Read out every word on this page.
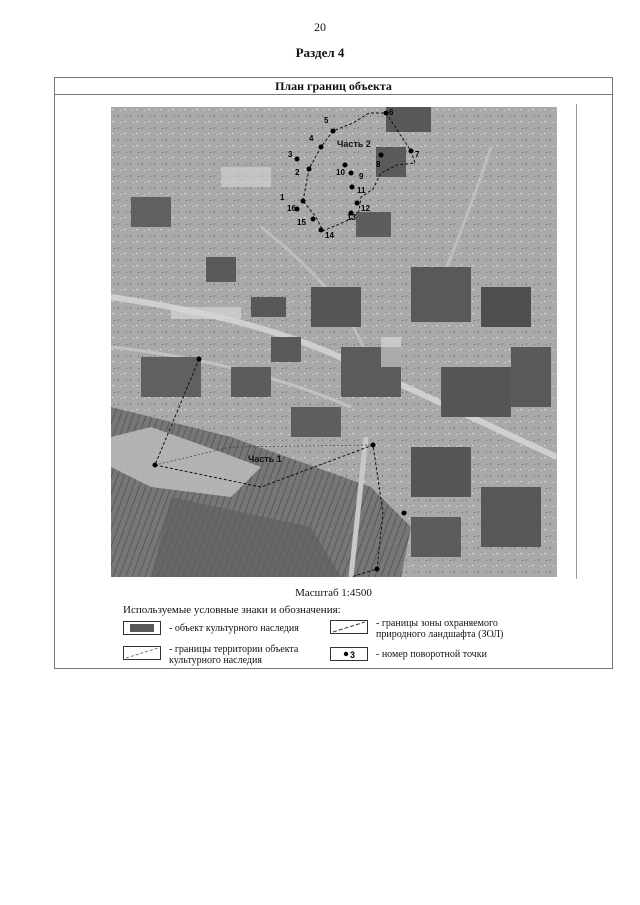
20
Раздел 4
План границ объекта
1
2
3
4
5
6
7
8
9
10
11
12
13
14
15
16
Часть 1
Часть 2
Масштаб 1:4500
Используемые условные знаки и обозначения:
- объект культурного наследия	- границы зоны охраняемого природного ландшафта (ЗОЛ)
- границы территории объекта культурного наследия	3 - номер поворотной точки
